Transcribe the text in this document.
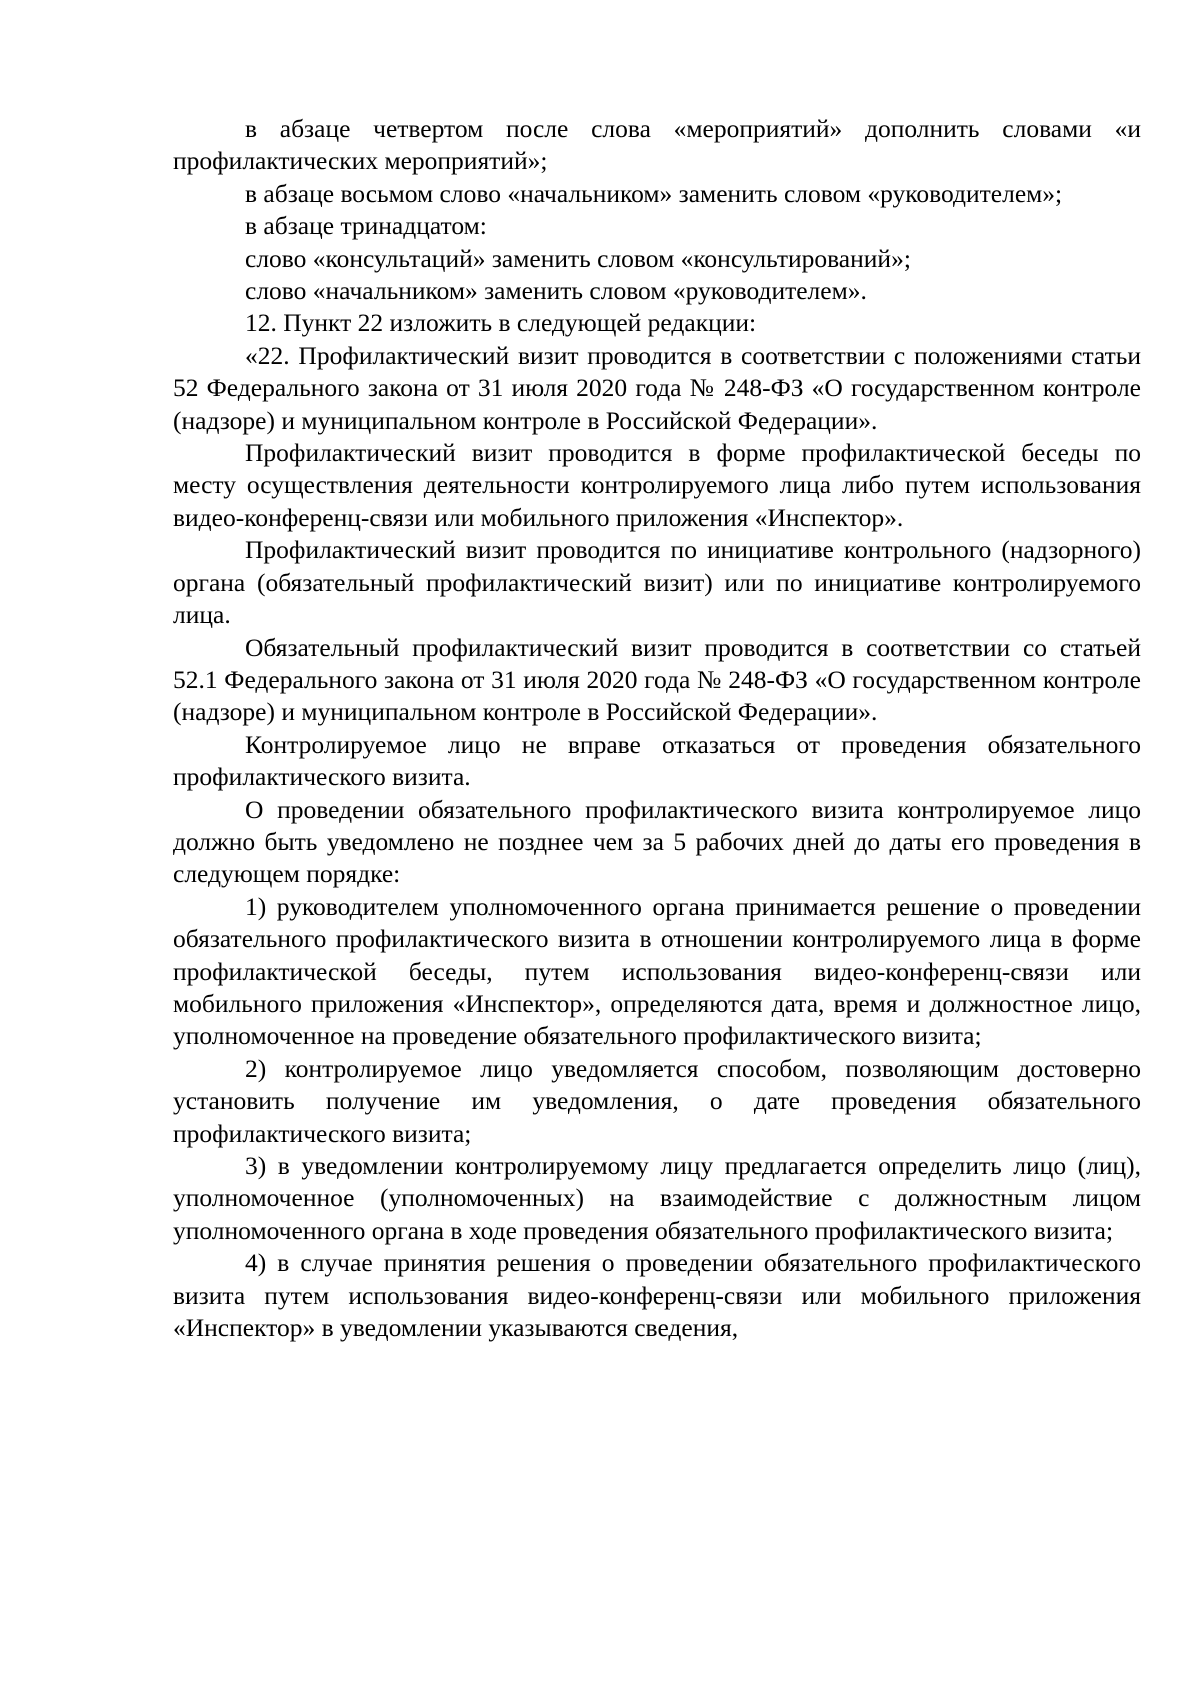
в абзаце четвертом после слова «мероприятий» дополнить словами «и профилактических мероприятий»;

в абзаце восьмом слово «начальником» заменить словом «руководителем»;

в абзаце тринадцатом:

слово «консультаций» заменить словом «консультирований»;

слово «начальником» заменить словом «руководителем».

12. Пункт 22 изложить в следующей редакции:

«22. Профилактический визит проводится в соответствии с положениями статьи 52 Федерального закона от 31 июля 2020 года № 248-ФЗ «О государственном контроле (надзоре) и муниципальном контроле в Российской Федерации».

Профилактический визит проводится в форме профилактической беседы по месту осуществления деятельности контролируемого лица либо путем использования видео-конференц-связи или мобильного приложения «Инспектор».

Профилактический визит проводится по инициативе контрольного (надзорного) органа (обязательный профилактический визит) или по инициативе контролируемого лица.

Обязательный профилактический визит проводится в соответствии со статьей 52.1 Федерального закона от 31 июля 2020 года № 248-ФЗ «О государственном контроле (надзоре) и муниципальном контроле в Российской Федерации».

Контролируемое лицо не вправе отказаться от проведения обязательного профилактического визита.

О проведении обязательного профилактического визита контролируемое лицо должно быть уведомлено не позднее чем за 5 рабочих дней до даты его проведения в следующем порядке:

1) руководителем уполномоченного органа принимается решение о проведении обязательного профилактического визита в отношении контролируемого лица в форме профилактической беседы, путем использования видео-конференц-связи или мобильного приложения «Инспектор», определяются дата, время и должностное лицо, уполномоченное на проведение обязательного профилактического визита;

2) контролируемое лицо уведомляется способом, позволяющим достоверно установить получение им уведомления, о дате проведения обязательного профилактического визита;

3) в уведомлении контролируемому лицу предлагается определить лицо (лиц), уполномоченное (уполномоченных) на взаимодействие с должностным лицом уполномоченного органа в ходе проведения обязательного профилактического визита;

4) в случае принятия решения о проведении обязательного профилактического визита путем использования видео-конференц-связи или мобильного приложения «Инспектор» в уведомлении указываются сведения,
